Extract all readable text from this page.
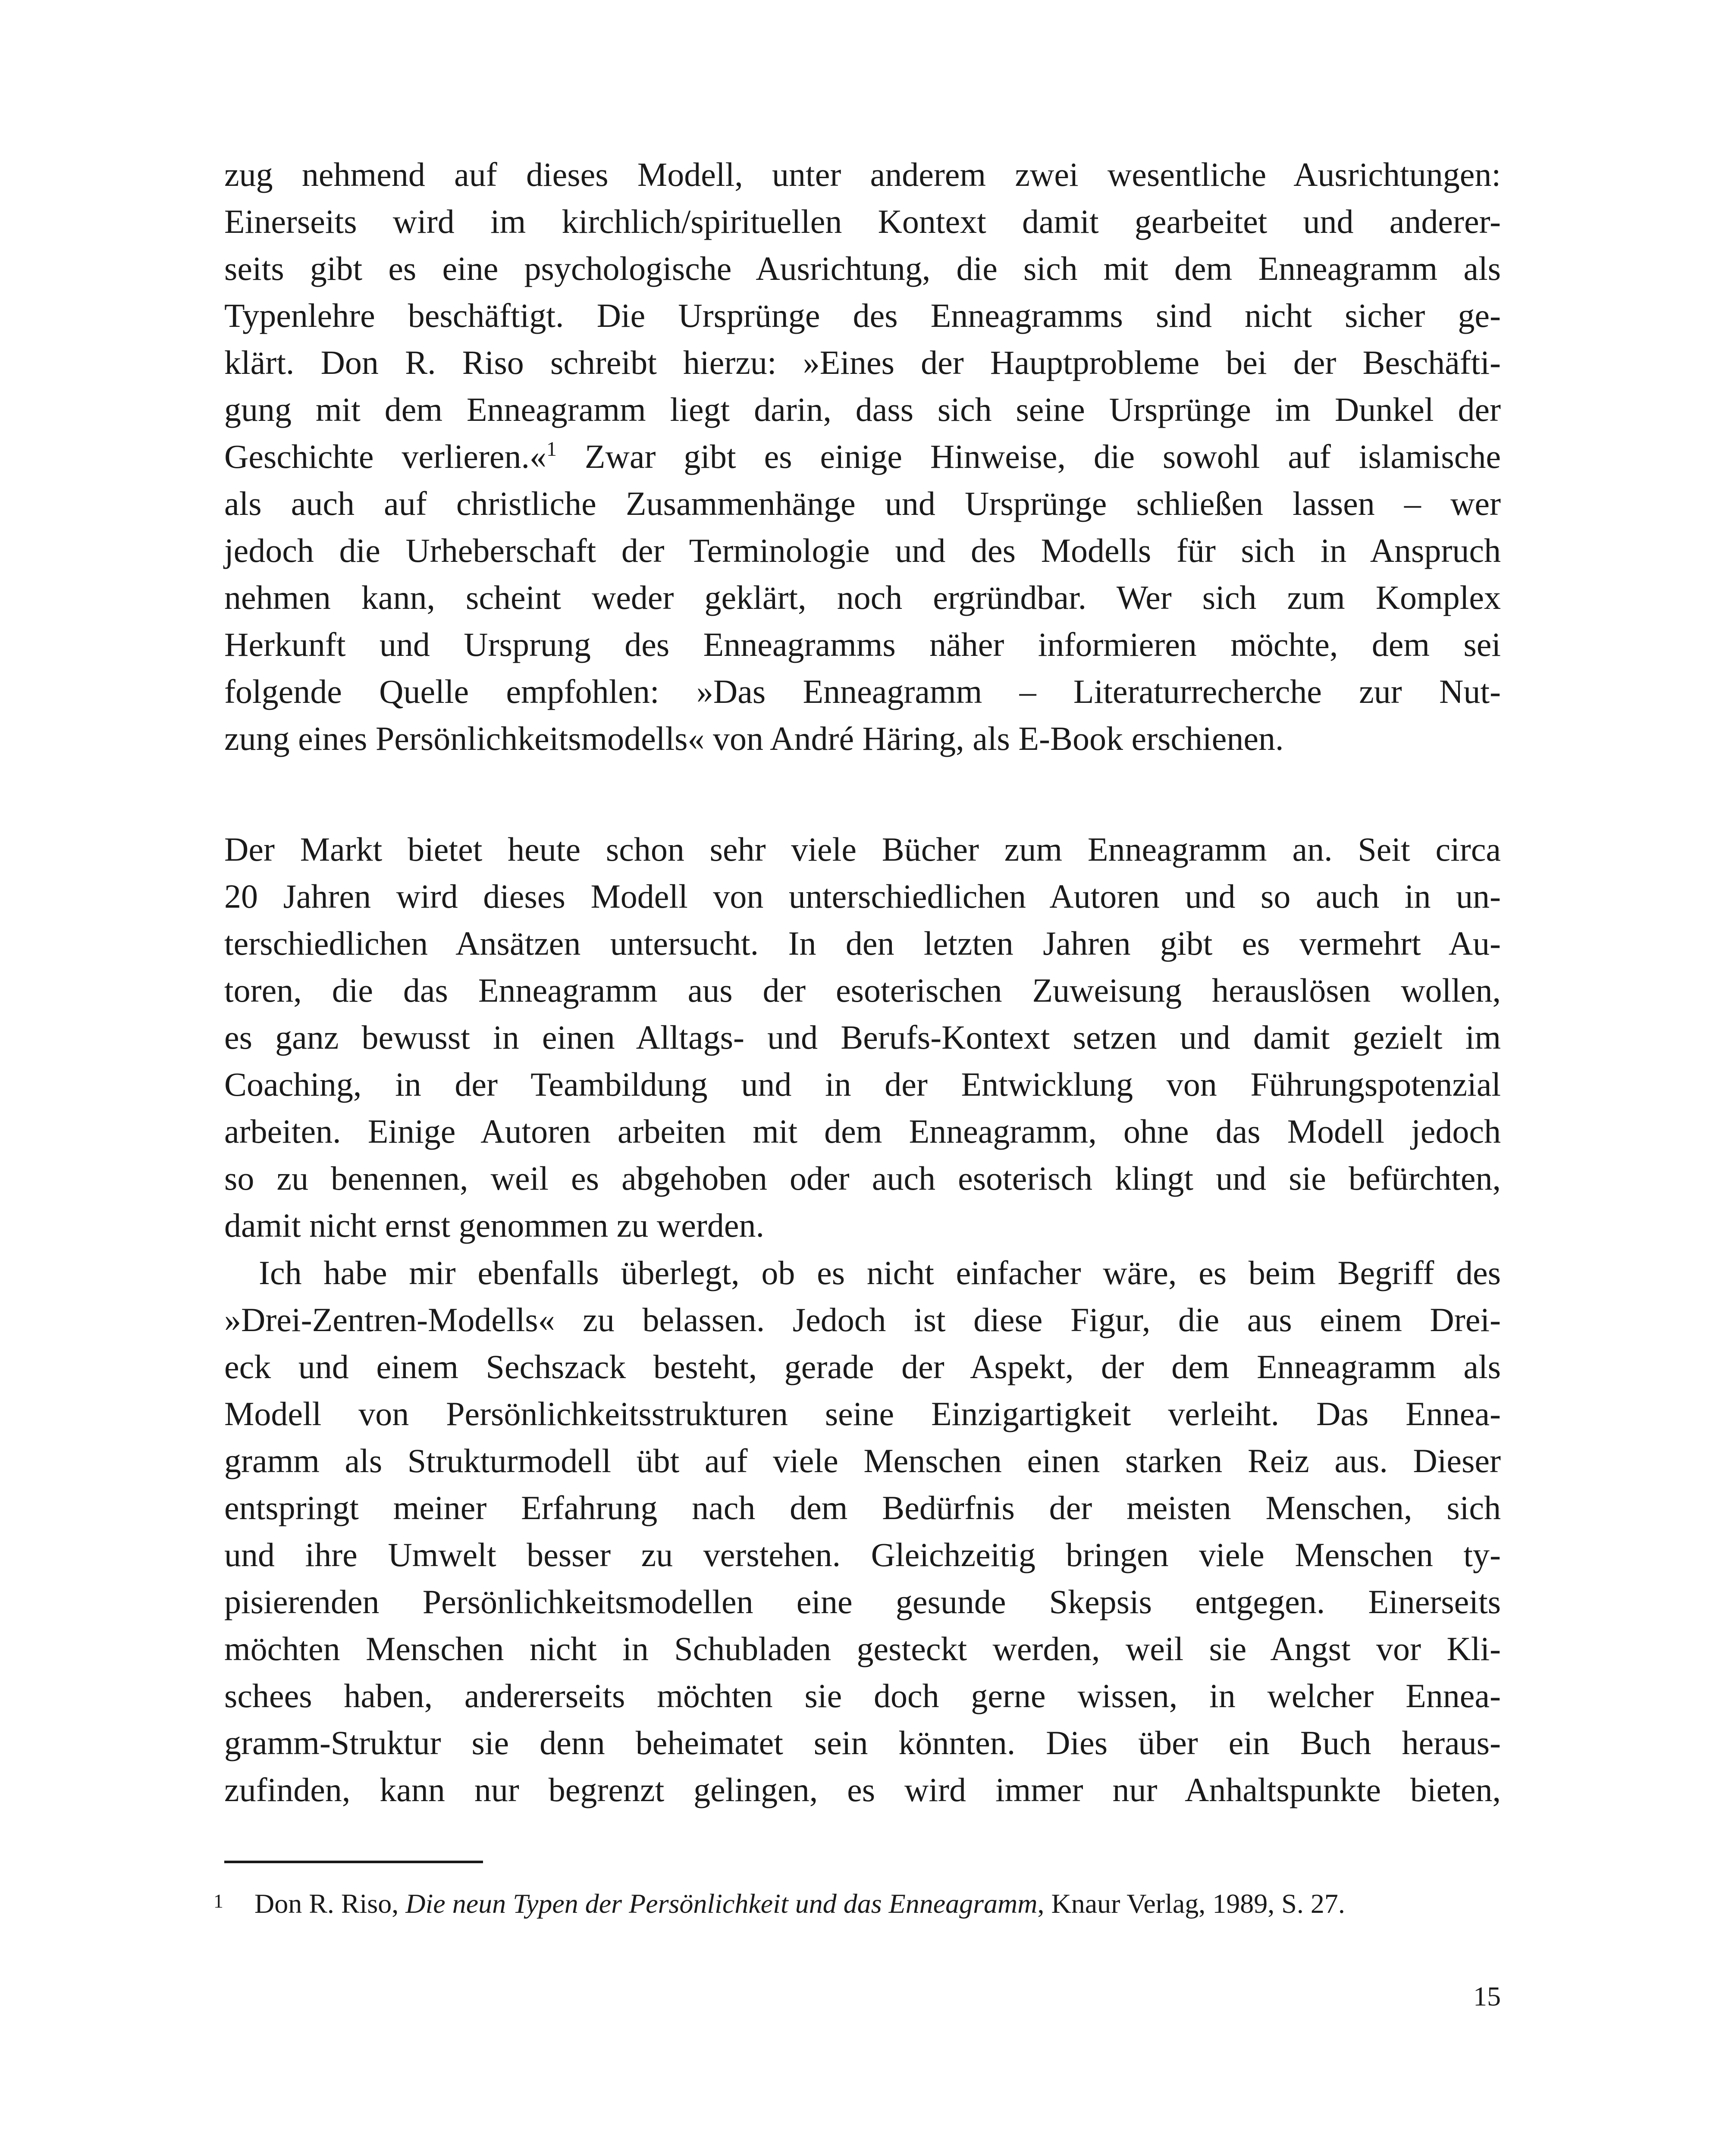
zug nehmend auf dieses Modell, unter anderem zwei wesentliche Ausrichtungen:
Einerseits wird im kirchlich/spirituellen Kontext damit gearbeitet und anderer-
seits gibt es eine psychologische Ausrichtung, die sich mit dem Enneagramm als
Typenlehre beschäftigt. Die Ursprünge des Enneagramms sind nicht sicher ge-
klärt. Don R. Riso schreibt hierzu: »Eines der Hauptprobleme bei der Beschäfti-
gung mit dem Enneagramm liegt darin, dass sich seine Ursprünge im Dunkel der
Geschichte verlieren.«$^1$ Zwar gibt es einige Hinweise, die sowohl auf islamische
als auch auf christliche Zusammenhänge und Ursprünge schließen lassen – wer
jedoch die Urheberschaft der Terminologie und des Modells für sich in Anspruch
nehmen kann, scheint weder geklärt, noch ergründbar. Wer sich zum Komplex
Herkunft und Ursprung des Enneagramms näher informieren möchte, dem sei
folgende Quelle empfohlen: »Das Enneagramm – Literaturrecherche zur Nut-
zung eines Persönlichkeitsmodells« von André Häring, als E-Book erschienen.
Der Markt bietet heute schon sehr viele Bücher zum Enneagramm an. Seit circa
20 Jahren wird dieses Modell von unterschiedlichen Autoren und so auch in un-
terschiedlichen Ansätzen untersucht. In den letzten Jahren gibt es vermehrt Au-
toren, die das Enneagramm aus der esoterischen Zuweisung herauslösen wollen,
es ganz bewusst in einen Alltags- und Berufs-Kontext setzen und damit gezielt im
Coaching, in der Teambildung und in der Entwicklung von Führungspotenzial
arbeiten. Einige Autoren arbeiten mit dem Enneagramm, ohne das Modell jedoch
so zu benennen, weil es abgehoben oder auch esoterisch klingt und sie befürchten,
damit nicht ernst genommen zu werden.
Ich habe mir ebenfalls überlegt, ob es nicht einfacher wäre, es beim Begriff des
»Drei-Zentren-Modells« zu belassen. Jedoch ist diese Figur, die aus einem Drei-
eck und einem Sechszack besteht, gerade der Aspekt, der dem Enneagramm als
Modell von Persönlichkeitsstrukturen seine Einzigartigkeit verleiht. Das Ennea-
gramm als Strukturmodell übt auf viele Menschen einen starken Reiz aus. Dieser
entspringt meiner Erfahrung nach dem Bedürfnis der meisten Menschen, sich
und ihre Umwelt besser zu verstehen. Gleichzeitig bringen viele Menschen ty-
pisierenden Persönlichkeitsmodellen eine gesunde Skepsis entgegen. Einerseits
möchten Menschen nicht in Schubladen gesteckt werden, weil sie Angst vor Kli-
schees haben, andererseits möchten sie doch gerne wissen, in welcher Ennea-
gramm-Struktur sie denn beheimatet sein könnten. Dies über ein Buch heraus-
zufinden, kann nur begrenzt gelingen, es wird immer nur Anhaltspunkte bieten,
1 Don R. Riso, Die neun Typen der Persönlichkeit und das Enneagramm, Knaur Verlag, 1989, S. 27.
15
